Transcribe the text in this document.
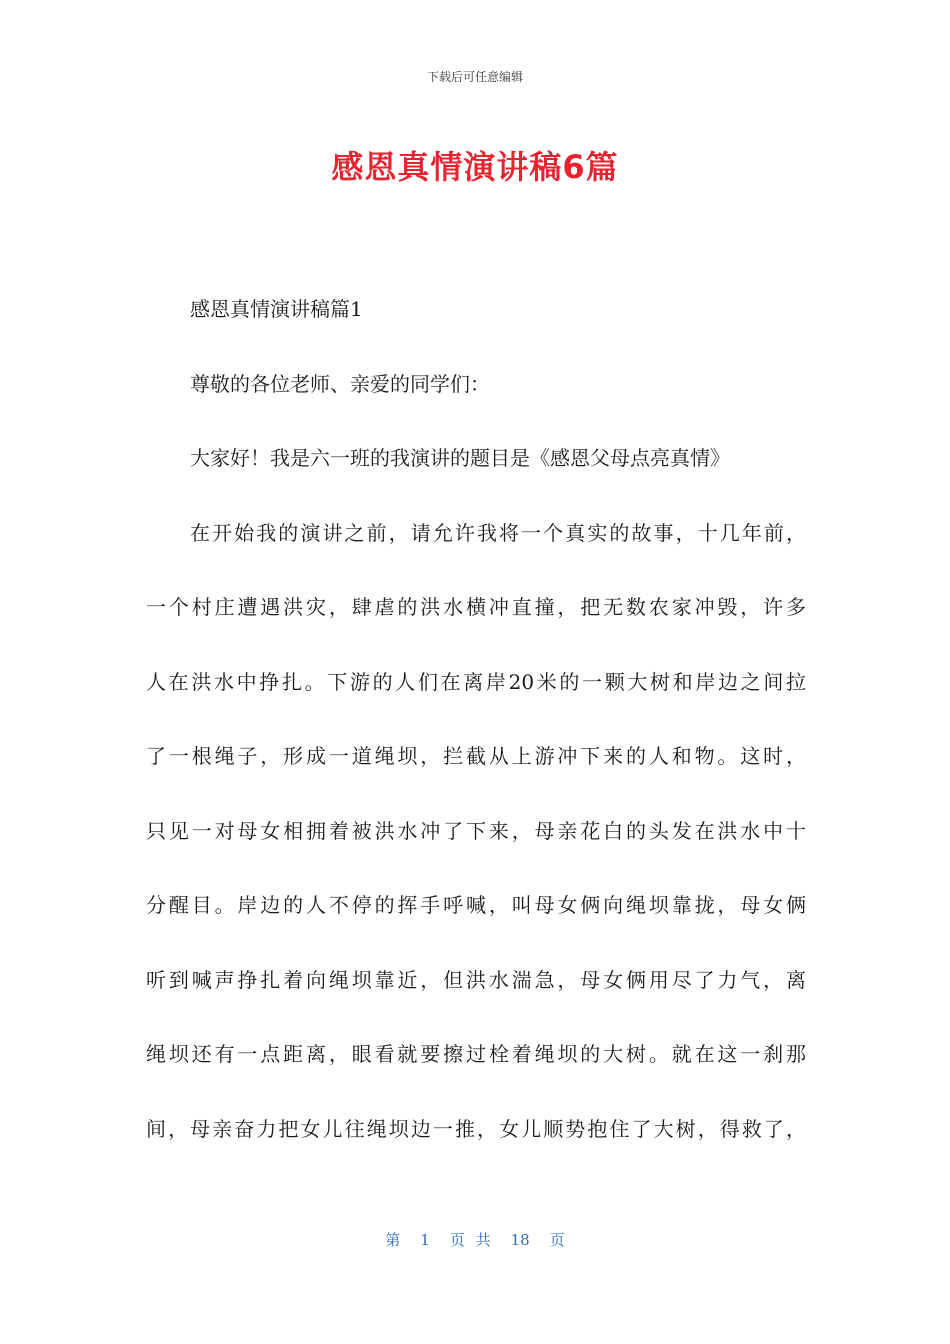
下载后可任意编辑
感恩真情演讲稿6篇
感恩真情演讲稿篇1
尊敬的各位老师、亲爱的同学们：
大家好！我是六一班的我演讲的题目是《感恩父母点亮真情》
在开始我的演讲之前，请允许我将一个真实的故事，十几年前，
一个村庄遭遇洪灾，肆虐的洪水横冲直撞，把无数农家冲毁，许多
人在洪水中挣扎。下游的人们在离岸20米的一颗大树和岸边之间拉
了一根绳子，形成一道绳坝，拦截从上游冲下来的人和物。这时，
只见一对母女相拥着被洪水冲了下来，母亲花白的头发在洪水中十
分醒目。岸边的人不停的挥手呼喊，叫母女俩向绳坝靠拢，母女俩
听到喊声挣扎着向绳坝靠近，但洪水湍急，母女俩用尽了力气，离
绳坝还有一点距离，眼看就要擦过栓着绳坝的大树。就在这一刹那
间，母亲奋力把女儿往绳坝边一推，女儿顺势抱住了大树，得救了，
第 1 页 共 18 页
